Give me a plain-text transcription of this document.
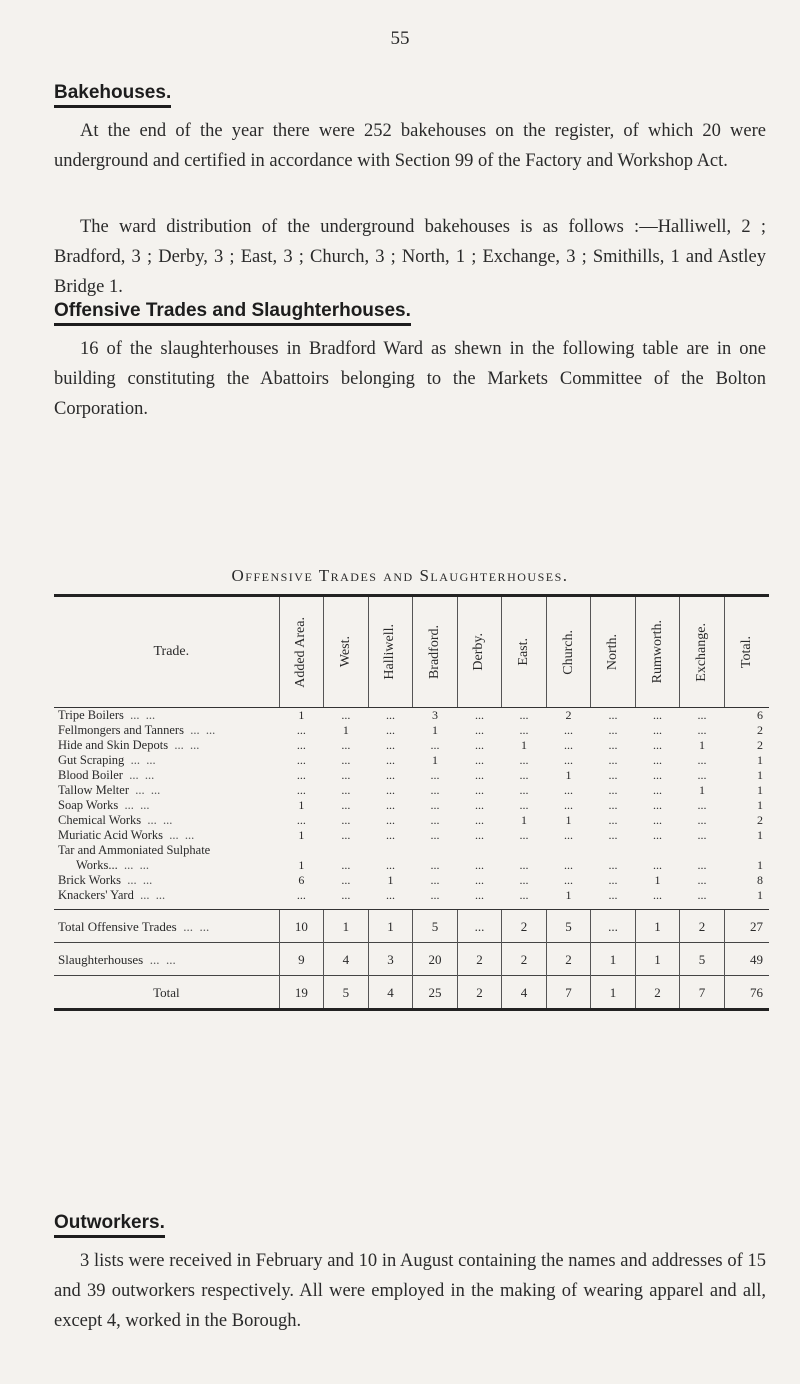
55
Bakehouses.

At the end of the year there were 252 bakehouses on the register, of which 20 were underground and certified in accordance with Section 99 of the Factory and Workshop Act.

The ward distribution of the underground bakehouses is as follows :—Halliwell, 2 ; Bradford, 3 ; Derby, 3 ; East, 3 ; Church, 3 ; North, 1 ; Exchange, 3 ; Smithills, 1 and Astley Bridge 1.

Offensive Trades and Slaughterhouses.

16 of the slaughterhouses in Bradford Ward as shewn in the following table are in one building constituting the Abattoirs belonging to the Markets Committee of the Bolton Corporation.

Offensive Trades and Slaughterhouses.
Trade.	Added Area.	West.	Halliwell.	Bradford.	Derby.	East.	Church.	North.	Rumworth.	Exchange.	Total.

Tripe Boilers  ...  ...	1	...	...	3	...	...	2	...	...	...	6
Fellmongers and Tanners  ...  ...	...	1	...	1	...	...	...	...	...	...	2
Hide and Skin Depots  ...  ...	...	...	...	...	...	1	...	...	...	1	2
Gut Scraping  ...  ...	...	...	...	1	...	...	...	...	...	...	1
Blood Boiler  ...  ...	...	...	...	...	...	...	1	...	...	...	1
Tallow Melter  ...  ...	...	...	...	...	...	...	...	...	...	1	1
Soap Works  ...  ...	1	...	...	...	...	...	...	...	...	...	1
Chemical Works  ...  ...	...	...	...	...	...	1	1	...	...	...	2
Muriatic Acid Works  ...  ...	1	...	...	...	...	...	...	...	...	...	1
Tar and Ammoniated Sulphate
Works...  ...  ...	1	...	...	...	...	...	...	...	...	...	1
Brick Works  ...  ...	6	...	1	...	...	...	...	...	1	...	8
Knackers' Yard  ...  ...	...	...	...	...	...	...	1	...	...	...	1

Total Offensive Trades  ...  ...	10	1	1	5	...	2	5	...	1	2	27
Slaughterhouses  ...  ...	9	4	3	20	2	2	2	1	1	5	49
Total	19	5	4	25	2	4	7	1	2	7	76
Outworkers.

3 lists were received in February and 10 in August containing the names and addresses of 15 and 39 outworkers respectively. All were employed in the making of wearing apparel and all, except 4, worked in the Borough.
